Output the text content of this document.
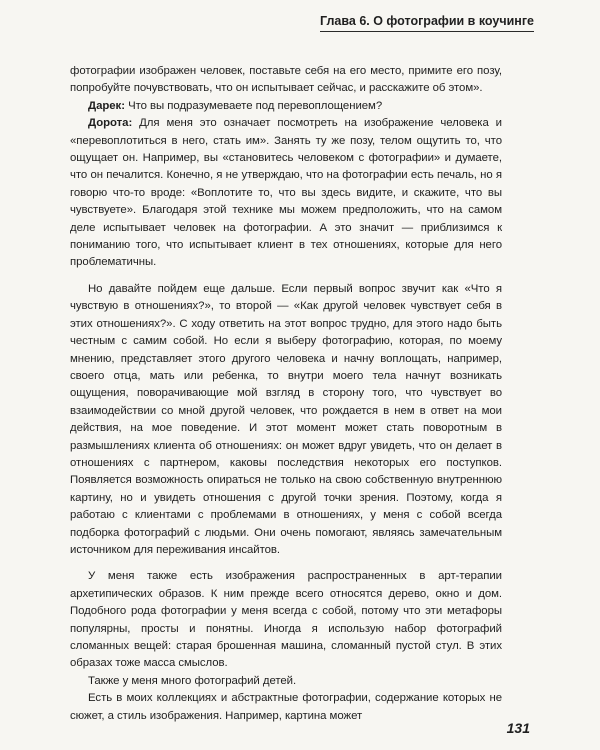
Глава 6. О фотографии в коучинге

фотографии изображен человек, поставьте себя на его место, примите его позу, попробуйте почувствовать, что он испытывает сейчас, и расскажите об этом».

Дарек: Что вы подразумеваете под перевоплощением?

Дорота: Для меня это означает посмотреть на изображение человека и «перевоплотиться в него, стать им». Занять ту же позу, телом ощутить то, что ощущает он. Например, вы «становитесь человеком с фотографии» и думаете, что он печалится. Конечно, я не утверждаю, что на фотографии есть печаль, но я говорю что-то вроде: «Воплотите то, что вы здесь видите, и скажите, что вы чувствуете». Благодаря этой технике мы можем предположить, что на самом деле испытывает человек на фотографии. А это значит — приблизимся к пониманию того, что испытывает клиент в тех отношениях, которые для него проблематичны.

Но давайте пойдем еще дальше. Если первый вопрос звучит как «Что я чувствую в отношениях?», то второй — «Как другой человек чувствует себя в этих отношениях?». С ходу ответить на этот вопрос трудно, для этого надо быть честным с самим собой. Но если я выберу фотографию, которая, по моему мнению, представляет этого другого человека и начну воплощать, например, своего отца, мать или ребенка, то внутри моего тела начнут возникать ощущения, поворачивающие мой взгляд в сторону того, что чувствует во взаимодействии со мной другой человек, что рождается в нем в ответ на мои действия, на мое поведение. И этот момент может стать поворотным в размышлениях клиента об отношениях: он может вдруг увидеть, что он делает в отношениях с партнером, каковы последствия некоторых его поступков. Появляется возможность опираться не только на свою собственную внутреннюю картину, но и увидеть отношения с другой точки зрения. Поэтому, когда я работаю с клиентами с проблемами в отношениях, у меня с собой всегда подборка фотографий с людьми. Они очень помогают, являясь замечательным источником для переживания инсайтов.

У меня также есть изображения распространенных в арт-терапии архетипических образов. К ним прежде всего относятся дерево, окно и дом. Подобного рода фотографии у меня всегда с собой, потому что эти метафоры популярны, просты и понятны. Иногда я использую набор фотографий сломанных вещей: старая брошенная машина, сломанный пустой стул. В этих образах тоже масса смыслов.

Также у меня много фотографий детей.

Есть в моих коллекциях и абстрактные фотографии, содержание которых не сюжет, а стиль изображения. Например, картина может

131
